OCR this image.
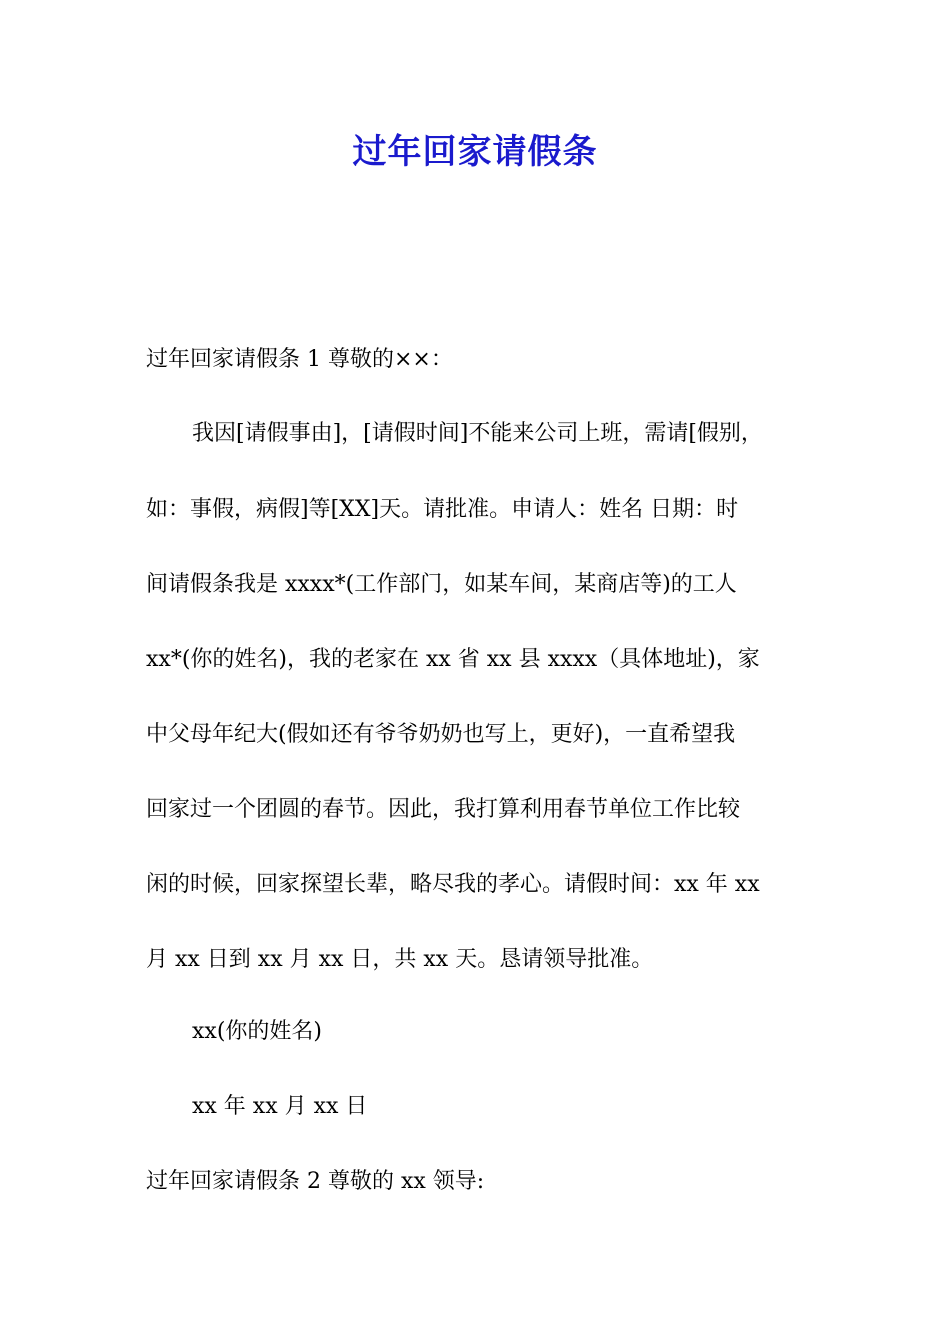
过年回家请假条
过年回家请假条 1 尊敬的××：
我因[请假事由]，[请假时间]不能来公司上班，需请[假别，
如：事假，病假]等[XX]天。请批准。申请人：姓名 日期：时
间请假条我是 xxxx*(工作部门，如某车间，某商店等)的工人
xx*(你的姓名)，我的老家在 xx 省 xx 县 xxxx（具体地址)，家
中父母年纪大(假如还有爷爷奶奶也写上，更好)，一直希望我
回家过一个团圆的春节。因此，我打算利用春节单位工作比较
闲的时候，回家探望长辈，略尽我的孝心。请假时间：xx 年 xx
月 xx 日到 xx 月 xx 日，共 xx 天。恳请领导批准。
xx(你的姓名)
xx 年 xx 月 xx 日
过年回家请假条 2 尊敬的 xx 领导:
